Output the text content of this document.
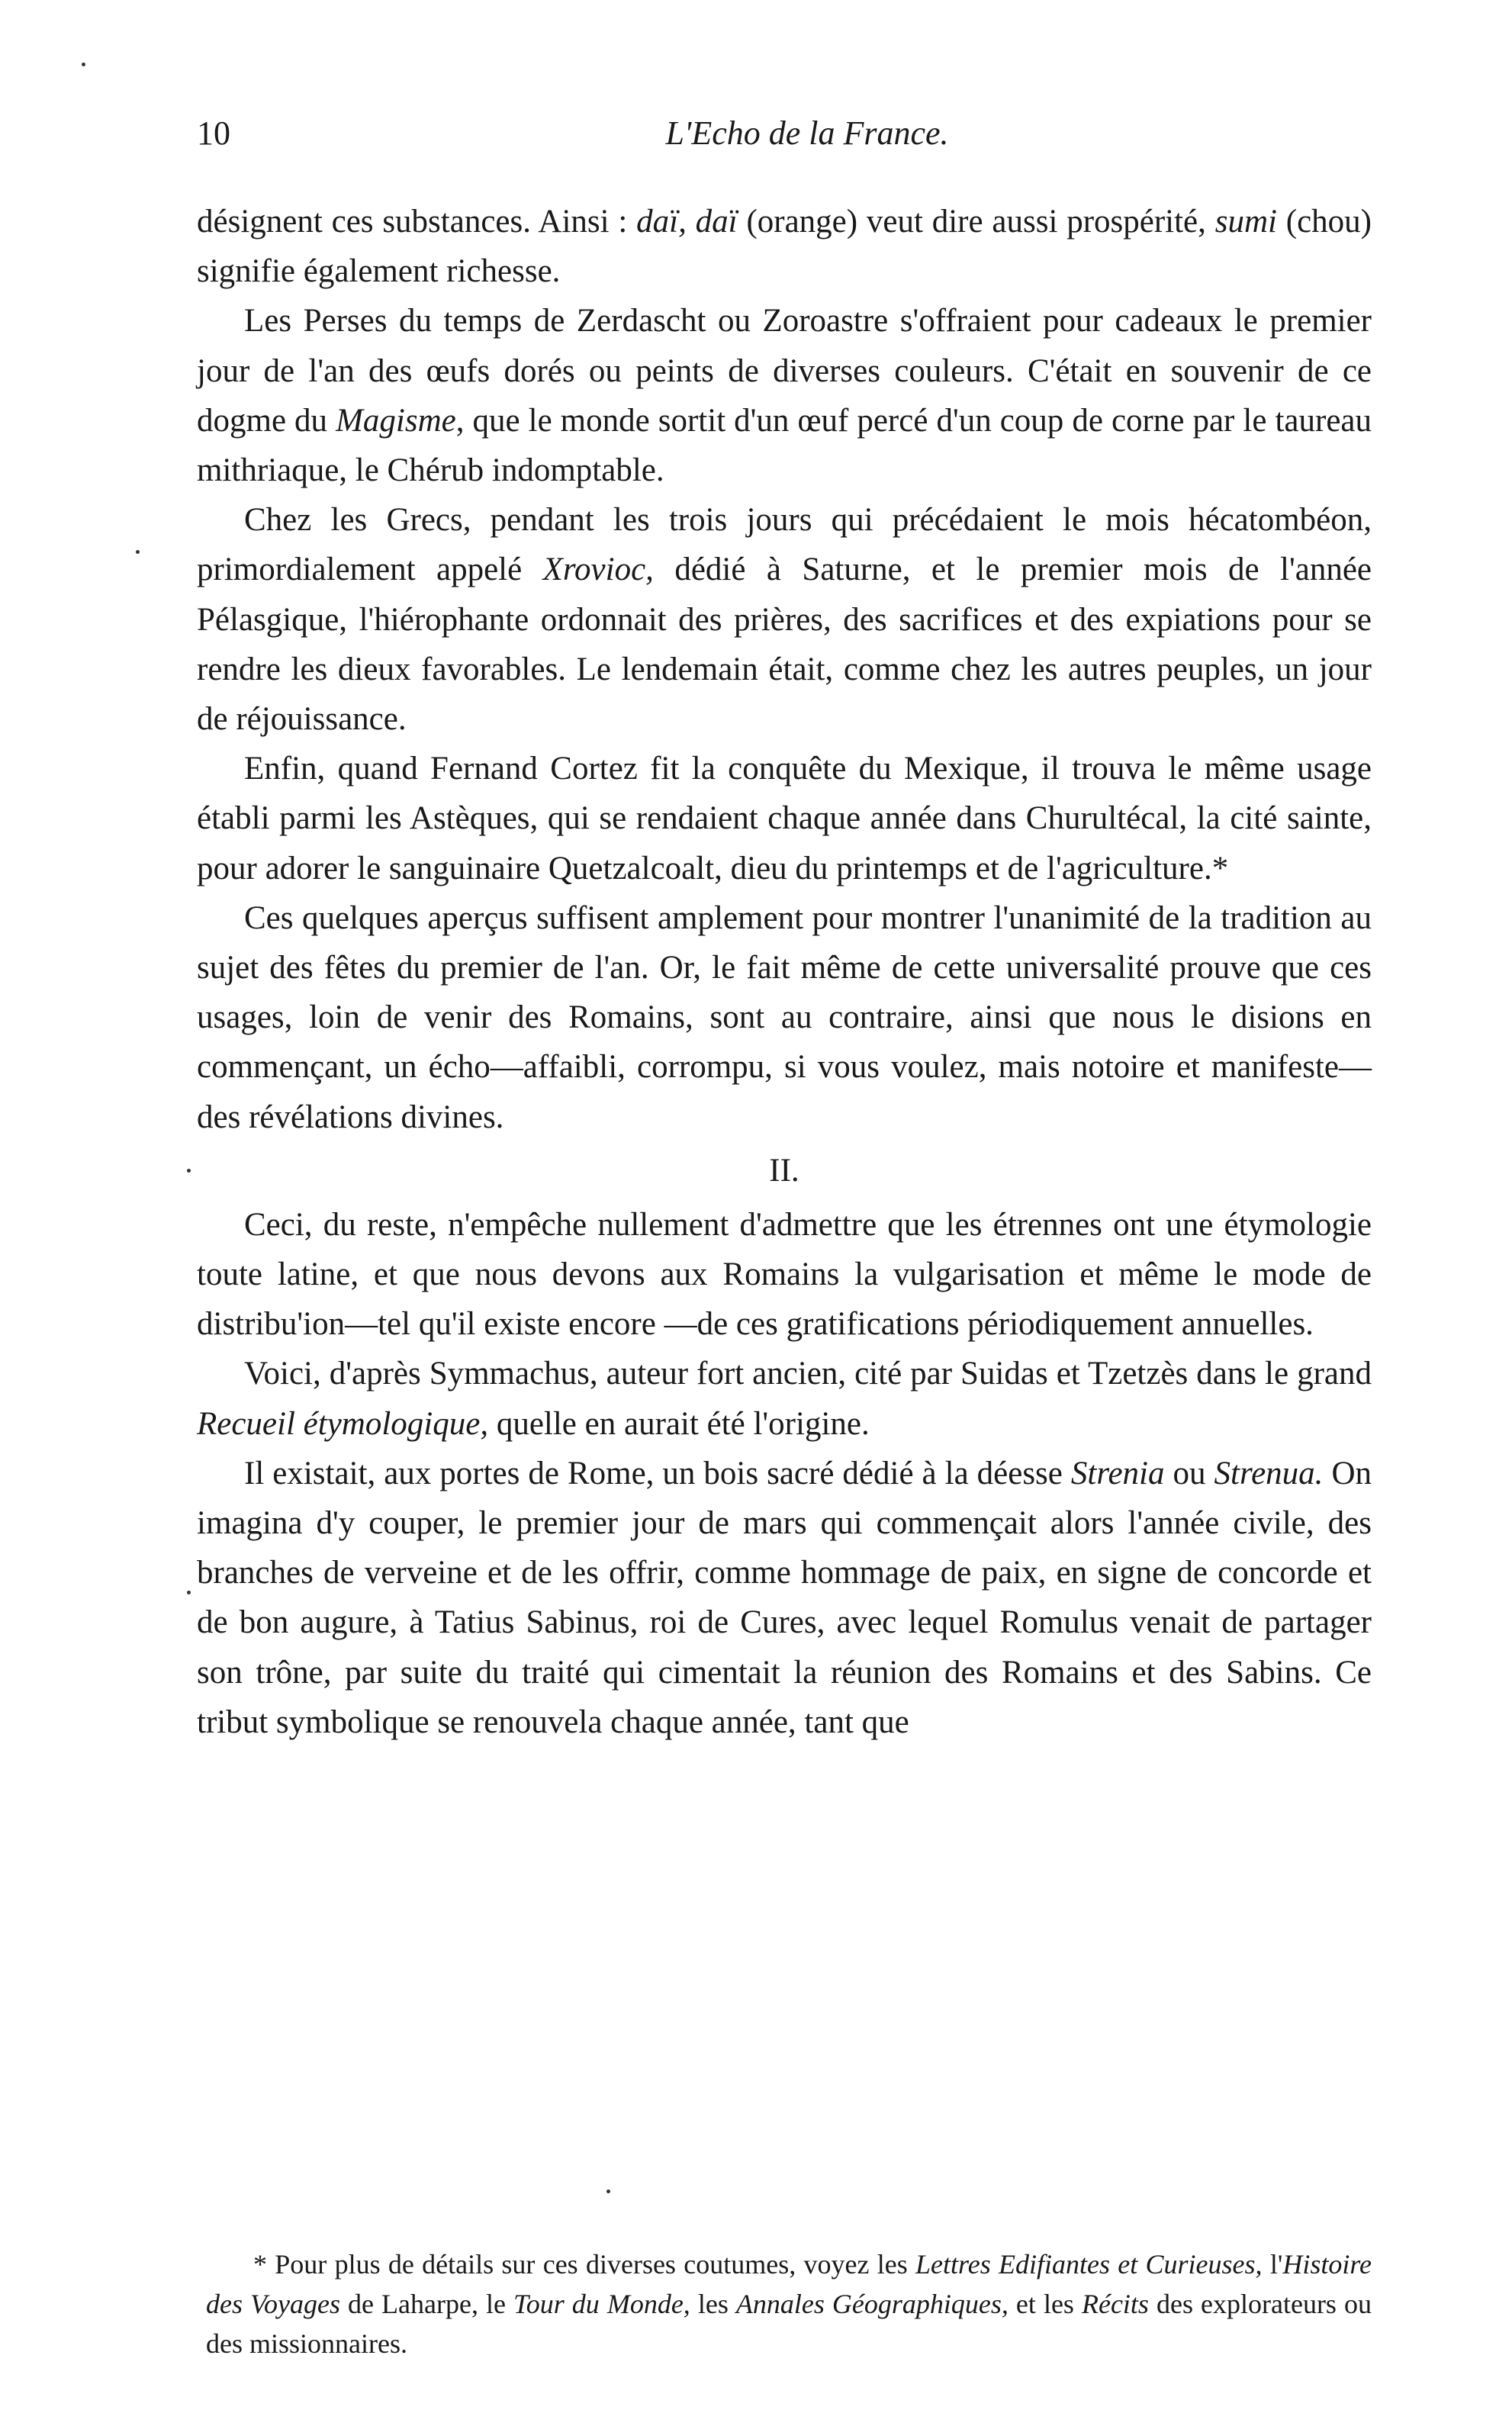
10	L'Echo de la France.

désignent ces substances. Ainsi : daï, daï (orange) veut dire aussi prospérité, sumi (chou) signifie également richesse.

Les Perses du temps de Zerdascht ou Zoroastre s'offraient pour cadeaux le premier jour de l'an des œufs dorés ou peints de diverses couleurs. C'était en souvenir de ce dogme du Magisme, que le monde sortit d'un œuf percé d'un coup de corne par le taureau mithriaque, le Chérub indomptable.

Chez les Grecs, pendant les trois jours qui précédaient le mois hécatombéon, primordialement appelé Xrovioc, dédié à Saturne, et le premier mois de l'année Pélasgique, l'hiérophante ordonnait des prières, des sacrifices et des expiations pour se rendre les dieux favorables. Le lendemain était, comme chez les autres peuples, un jour de réjouissance.

Enfin, quand Fernand Cortez fit la conquête du Mexique, il trouva le même usage établi parmi les Astèques, qui se rendaient chaque année dans Churultécal, la cité sainte, pour adorer le sanguinaire Quetzalcoalt, dieu du printemps et de l'agriculture.*

Ces quelques aperçus suffisent amplement pour montrer l'unanimité de la tradition au sujet des fêtes du premier de l'an. Or, le fait même de cette universalité prouve que ces usages, loin de venir des Romains, sont au contraire, ainsi que nous le disions en commençant, un écho—affaibli, corrompu, si vous voulez, mais notoire et manifeste—des révélations divines.

II.

Ceci, du reste, n'empêche nullement d'admettre que les étrennes ont une étymologie toute latine, et que nous devons aux Romains la vulgarisation et même le mode de distribu'ion—tel qu'il existe encore —de ces gratifications périodiquement annuelles.

Voici, d'après Symmachus, auteur fort ancien, cité par Suidas et Tzetzès dans le grand Recueil étymologique, quelle en aurait été l'origine.

Il existait, aux portes de Rome, un bois sacré dédié à la déesse Strenia ou Strenua. On imagina d'y couper, le premier jour de mars qui commençait alors l'année civile, des branches de verveine et de les offrir, comme hommage de paix, en signe de concorde et de bon augure, à Tatius Sabinus, roi de Cures, avec lequel Romulus venait de partager son trône, par suite du traité qui cimentait la réunion des Romains et des Sabins. Ce tribut symbolique se renouvela chaque année, tant que

* Pour plus de détails sur ces diverses coutumes, voyez les Lettres Edifiantes et Curieuses, l'Histoire des Voyages de Laharpe, le Tour du Monde, les Annales Géographiques, et les Récits des explorateurs ou des missionnaires.
